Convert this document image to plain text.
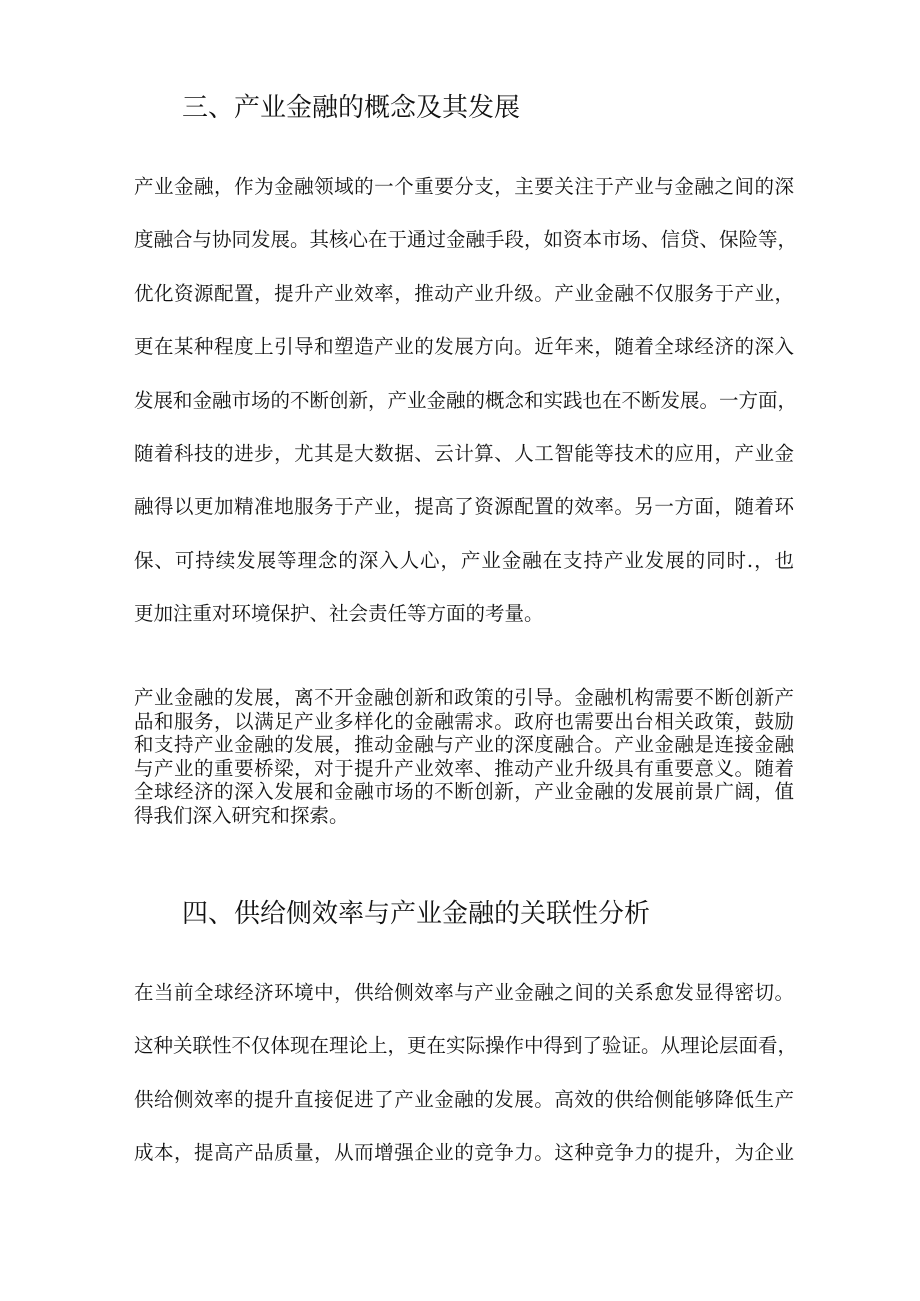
三、产业金融的概念及其发展
产业金融，作为金融领域的一个重要分支，主要关注于产业与金融之间的深
度融合与协同发展。其核心在于通过金融手段，如资本市场、信贷、保险等，
优化资源配置，提升产业效率，推动产业升级。产业金融不仅服务于产业，
更在某种程度上引导和塑造产业的发展方向。近年来，随着全球经济的深入
发展和金融市场的不断创新，产业金融的概念和实践也在不断发展。一方面，
随着科技的进步，尤其是大数据、云计算、人工智能等技术的应用，产业金
融得以更加精准地服务于产业，提高了资源配置的效率。另一方面，随着环
保、可持续发展等理念的深入人心，产业金融在支持产业发展的同时.，也
更加注重对环境保护、社会责任等方面的考量。
产业金融的发展，离不开金融创新和政策的引导。金融机构需要不断创新产
品和服务，以满足产业多样化的金融需求。政府也需要出台相关政策，鼓励
和支持产业金融的发展，推动金融与产业的深度融合。产业金融是连接金融
与产业的重要桥梁，对于提升产业效率、推动产业升级具有重要意义。随着
全球经济的深入发展和金融市场的不断创新，产业金融的发展前景广阔，值
得我们深入研究和探索。
四、供给侧效率与产业金融的关联性分析
在当前全球经济环境中，供给侧效率与产业金融之间的关系愈发显得密切。
这种关联性不仅体现在理论上，更在实际操作中得到了验证。从理论层面看，
供给侧效率的提升直接促进了产业金融的发展。高效的供给侧能够降低生产
成本，提高产品质量，从而增强企业的竞争力。这种竞争力的提升，为企业
